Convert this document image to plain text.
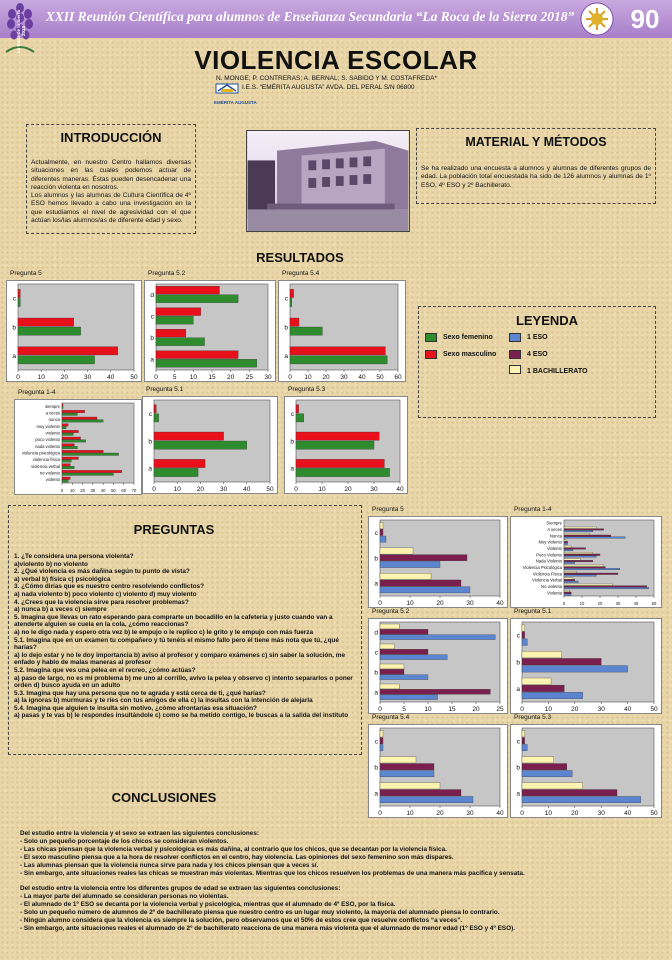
XXII Reunión Científica para alumnos de Enseñanza Secundaria “La Roca de la Sierra 2018”	90
La Roca de la Sierra 2018
VIOLENCIA ESCOLAR
N. MONGE; P. CONTRERAS; A. BERNAL; S. SABIDO Y M. COSTAFREDA*
I.E.S. “EMÉRITA AUGUSTA” AVDA. DEL PERAL S/N 06800
EMÉRITA AUGUSTA
INTRODUCCIÓN
Actualmente, en nuestro Centro hallamos diversas situaciones en las cuales podemos actuar de diferentes maneras. Éstas pueden desencadenar una reacción violenta en nosotros.
Los alumnos y las alumnas de Cultura Científica de 4º ESO hemos llevado a cabo una investigación en la que estudiamos el nivel de agresividad con el que actúan los/las alumnos/as de diferente edad y sexo.
MATERIAL Y MÉTODOS
Se ha realizado una encuesta a alumnos y alumnas de diferentes grupos de edad. La población total encuestada ha sido de 126 alumnos y alumnas de 1º ESO, 4º ESO y 2º Bachillerato.
RESULTADOS
LEYENDA
Sexo femenino
Sexo masculino
1 ESO
4 ESO
1 BACHILLERATO
Pregunta 5
0	10 20 30 40 50
a
b
c
Pregunta 5.2
0 5 10 15 20 25 30
a
b
c
d
Pregunta 5.4
0 10 20 30 40 50 60
a
b
c
Pregunta 1-4
0 10 20 30 40 50 60 70
violento
no violento
violencia verbal
violencia física
violencia psicológica
nada violento
poco violento
violento
muy violento
nunca
a veces
siempre
Pregunta 5.1
0	10 20 30 40 50
a
b
c
Pregunta 5.3
0	10	20	30	40
a
b
c
PREGUNTAS
1. ¿Te considera una persona violenta?
a)violento b) no violento
2. ¿Qué violencia es más dañina según tu punto de vista?
a) verbal b) física c) psicológica
3. ¿Cómo dirías que es nuestro centro resolviendo conflictos?
a) nada violento b) poco violento c) violento d) muy violento
4. ¿Crees que la violencia sirve para resolver problemas?
a) nunca b) a veces c) siempre
5. Imagina que llevas un rato esperando para comprarte un bocadillo en la cafetería y justo cuando van a atenderte alguien se cuela en la cola, ¿cómo reaccionas?
a) no le digo nada y espero otra vez b) le empujo o le replico c) le grito y le empujo con más fuerza
5.1. Imagina que en un examen tu compañero y tú tenéis el mismo fallo pero él tiene más nota que tú, ¿qué harías?
a) lo dejo estar y no le doy importancia b) aviso al profesor y comparo exámenes c) sin saber la solución, me enfado y hablo de malas maneras al profesor
5.2. Imagina que ves una pelea en el recreo, ¿cómo actúas?
a) paso de largo, no es mi problema b) me uno al corrillo, avivo la pelea y observo c) intento separarlos o poner orden d) busco ayuda en un adulto
5.3. Imagina que hay una persona que no te agrada y está cerca de ti, ¿qué harías?
a) la ignoras b) murmuras y te ríes con tus amigos de ella c) la insultas con la intención de alejarla
5.4. Imagina que alguien te insulta sin motivo, ¿cómo afrontarías esa situación?
a) pasas y te vas b) le respondes insultándole c) como se ha metido contigo, le buscas a la salida del instituto
Pregunta 5
0	10	20	30	40
a
b
c
Pregunta 1-4
0	10	20	30	40	50
Violenta
No violenta
Violencia Verbal
Violencia Física
Violencia Psicológica
Nada Violento
Poco Violento
Violento
Muy violento
Nunca
A veces
Siempre
Pregunta 5.2
0	5	10	15	20	25
a
b
c
d
Pregunta 5.1
0	10	20	30	40	50
a
b
c
Pregunta 5.4
0	10	20	30	40
a
b
c
Pregunta 5.3
0	10	20	30	40	50
a
b
c
CONCLUSIONES
Del estudio entre la violencia y el sexo se extraen las siguientes conclusiones:
- Solo un pequeño porcentaje de los chicos se consideran violentos.
- Las chicas piensan que la violencia verbal y psicológica es más dañina, al contrario que los chicos, que se decantan por la violencia física.
- El sexo masculino piensa que a la hora de resolver conflictos en el centro, hay violencia. Las opiniones del sexo femenino son más dispares.
- Las alumnas piensan que la violencia nunca sirve para nada y los chicos piensan que a veces sí.
- Sin embargo, ante situaciones reales las chicas se muestran más violentas. Mientras que los chicos resuelven los problemas de una manera más pacífica y sensata.
Del estudio entre la violencia entre los diferentes grupos de edad se extraen las siguientes conclusiones:
- La mayor parte del alumnado se consideran personas no violentas.
- El alumnado de 1º ESO se decanta por la violencia verbal y psicológica, mientras que el alumnado de 4º ESO, por la física.
- Solo un pequeño número de alumnos de 2º de bachillerato piensa que nuestro centro es un lugar muy violento, la mayoría del alumnado piensa lo contrario.
- Ningún alumno considera que la violencia es siempre la solución, pero observamos que el 50% de estos cree que resuelve conflictos “a veces”.
- Sin embargo, ante situaciones reales el alumnado de 2º de bachillerato reacciona de una manera más violenta que el alumnado de menor edad (1º ESO y 4º ESO).
